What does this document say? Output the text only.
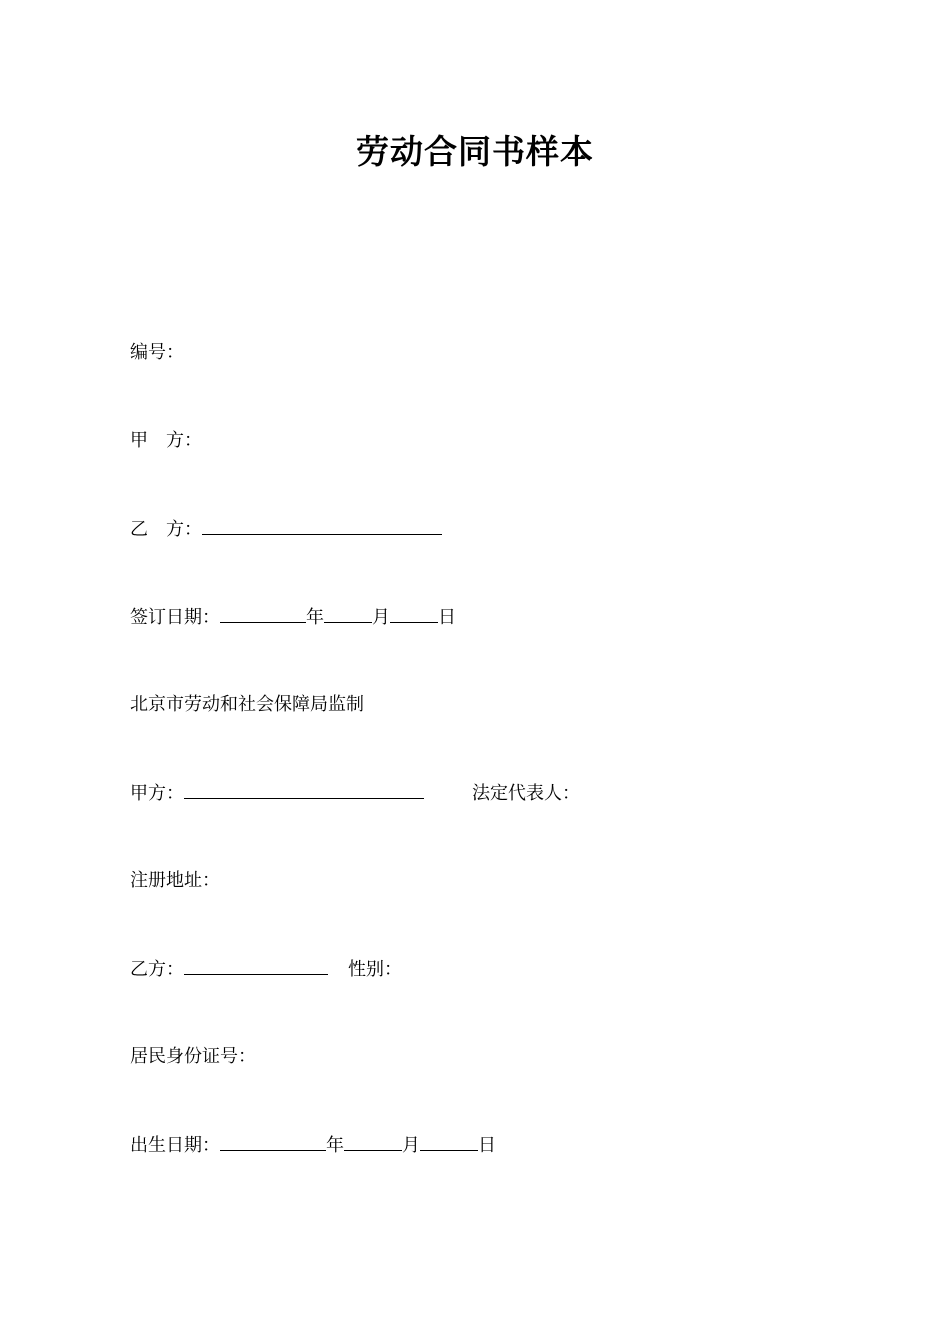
劳动合同书样本
编号：
甲　方：
乙　方：
签订日期：	年	月	日
北京市劳动和社会保障局监制
甲方：	法定代表人：
注册地址：
乙方：	性别：
居民身份证号：
出生日期：	年	月	日
